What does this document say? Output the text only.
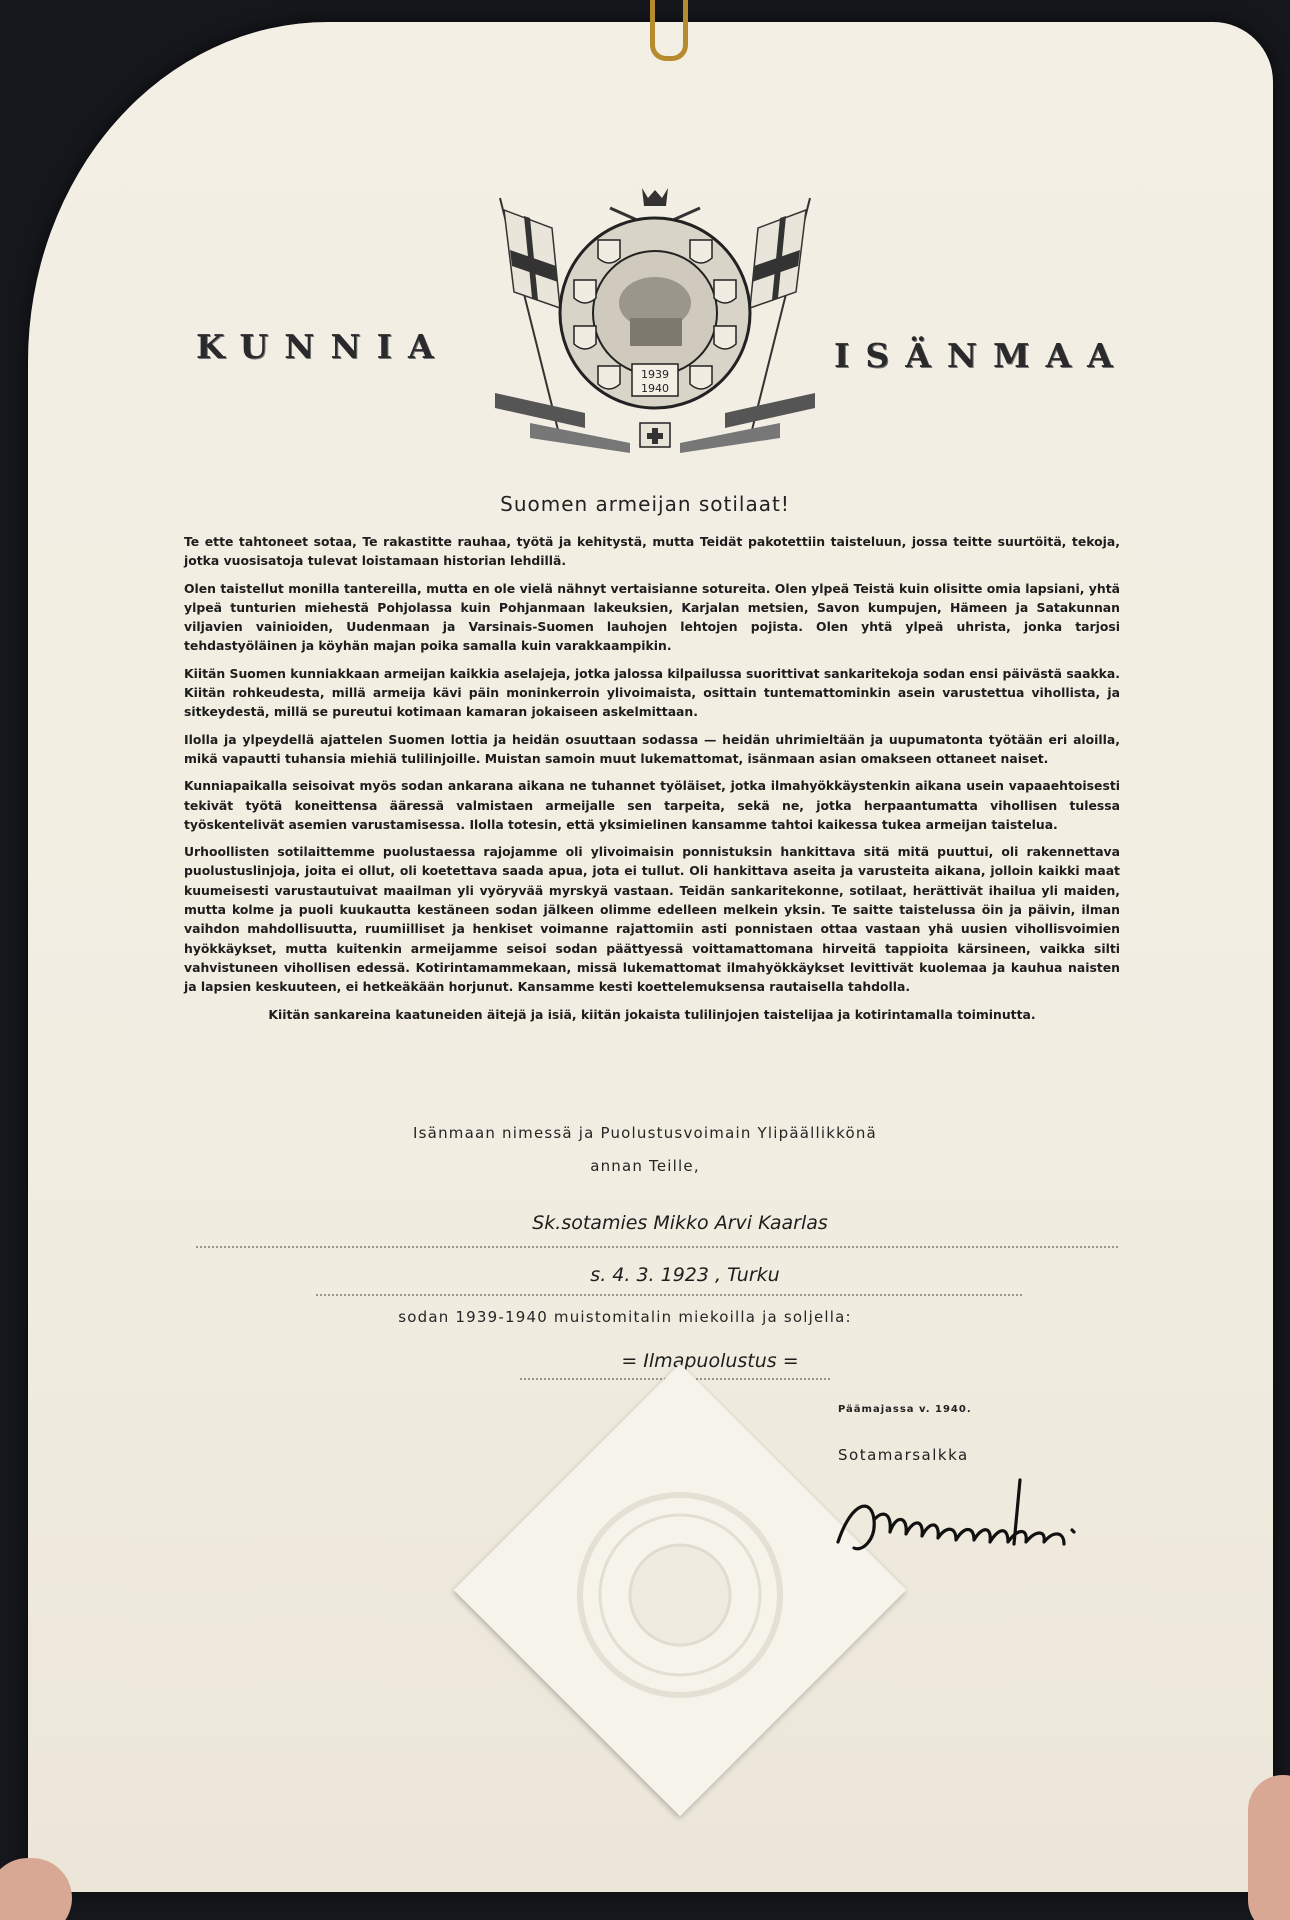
KUNNIA	ISÄNMAA
1939
1940
Suomen armeijan sotilaat!

Te ette tahtoneet sotaa, Te rakastitte rauhaa, työtä ja kehitystä, mutta Teidät pakotettiin taisteluun, jossa teitte suurtöitä, tekoja, jotka vuosisatoja tulevat loistamaan historian lehdillä.

Olen taistellut monilla tantereilla, mutta en ole vielä nähnyt vertaisianne sotureita. Olen ylpeä Teistä kuin olisitte omia lapsiani, yhtä ylpeä tunturien miehestä Pohjolassa kuin Pohjanmaan lakeuksien, Karjalan metsien, Savon kumpujen, Hämeen ja Satakunnan viljavien vainioiden, Uudenmaan ja Varsinais-Suomen lauhojen lehtojen pojista. Olen yhtä ylpeä uhrista, jonka tarjosi tehdastyöläinen ja köyhän majan poika samalla kuin varakkaampikin.

Kiitän Suomen kunniakkaan armeijan kaikkia aselajeja, jotka jalossa kilpailussa suorittivat sankaritekoja sodan ensi päivästä saakka. Kiitän rohkeudesta, millä armeija kävi päin moninkerroin ylivoimaista, osittain tuntemattominkin asein varustettua vihollista, ja sitkeydestä, millä se pureutui kotimaan kamaran jokaiseen askelmittaan.

Ilolla ja ylpeydellä ajattelen Suomen lottia ja heidän osuuttaan sodassa — heidän uhrimieltään ja uupumatonta työtään eri aloilla, mikä vapautti tuhansia miehiä tulilinjoille. Muistan samoin muut lukemattomat, isänmaan asian omakseen ottaneet naiset.

Kunniapaikalla seisoivat myös sodan ankarana aikana ne tuhannet työläiset, jotka ilmahyökkäystenkin aikana usein vapaaehtoisesti tekivät työtä koneittensa ääressä valmistaen armeijalle sen tarpeita, sekä ne, jotka herpaantumatta vihollisen tulessa työskentelivät asemien varustamisessa. Ilolla totesin, että yksimielinen kansamme tahtoi kaikessa tukea armeijan taistelua.

Urhoollisten sotilaittemme puolustaessa rajojamme oli ylivoimaisin ponnistuksin hankittava sitä mitä puuttui, oli rakennettava puolustuslinjoja, joita ei ollut, oli koetettava saada apua, jota ei tullut. Oli hankittava aseita ja varusteita aikana, jolloin kaikki maat kuumeisesti varustautuivat maailman yli vyöryvää myrskyä vastaan. Teidän sankaritekonne, sotilaat, herättivät ihailua yli maiden, mutta kolme ja puoli kuukautta kestäneen sodan jälkeen olimme edelleen melkein yksin. Te saitte taistelussa öin ja päivin, ilman vaihdon mahdollisuutta, ruumiilliset ja henkiset voimanne rajattomiin asti ponnistaen ottaa vastaan yhä uusien vihollisvoimien hyökkäykset, mutta kuitenkin armeijamme seisoi sodan päättyessä voittamattomana hirveitä tappioita kärsineen, vaikka silti vahvistuneen vihollisen edessä. Kotirintamammekaan, missä lukemattomat ilmahyökkäykset levittivät kuolemaa ja kauhua naisten ja lapsien keskuuteen, ei hetkeäkään horjunut. Kansamme kesti koettelemuksensa rautaisella tahdolla.

Kiitän sankareina kaatuneiden äitejä ja isiä, kiitän jokaista tulilinjojen taistelijaa ja kotirintamalla toiminutta.

Isänmaan nimessä ja Puolustusvoimain Ylipäällikkönä
annan Teille,
Sk.sotamies Mikko Arvi Kaarlas
s. 4. 3. 1923 , Turku
sodan 1939-1940 muistomitalin miekoilla ja soljella:
= Ilmapuolustus =
Päämajassa v. 1940.
Sotamarsalkka
